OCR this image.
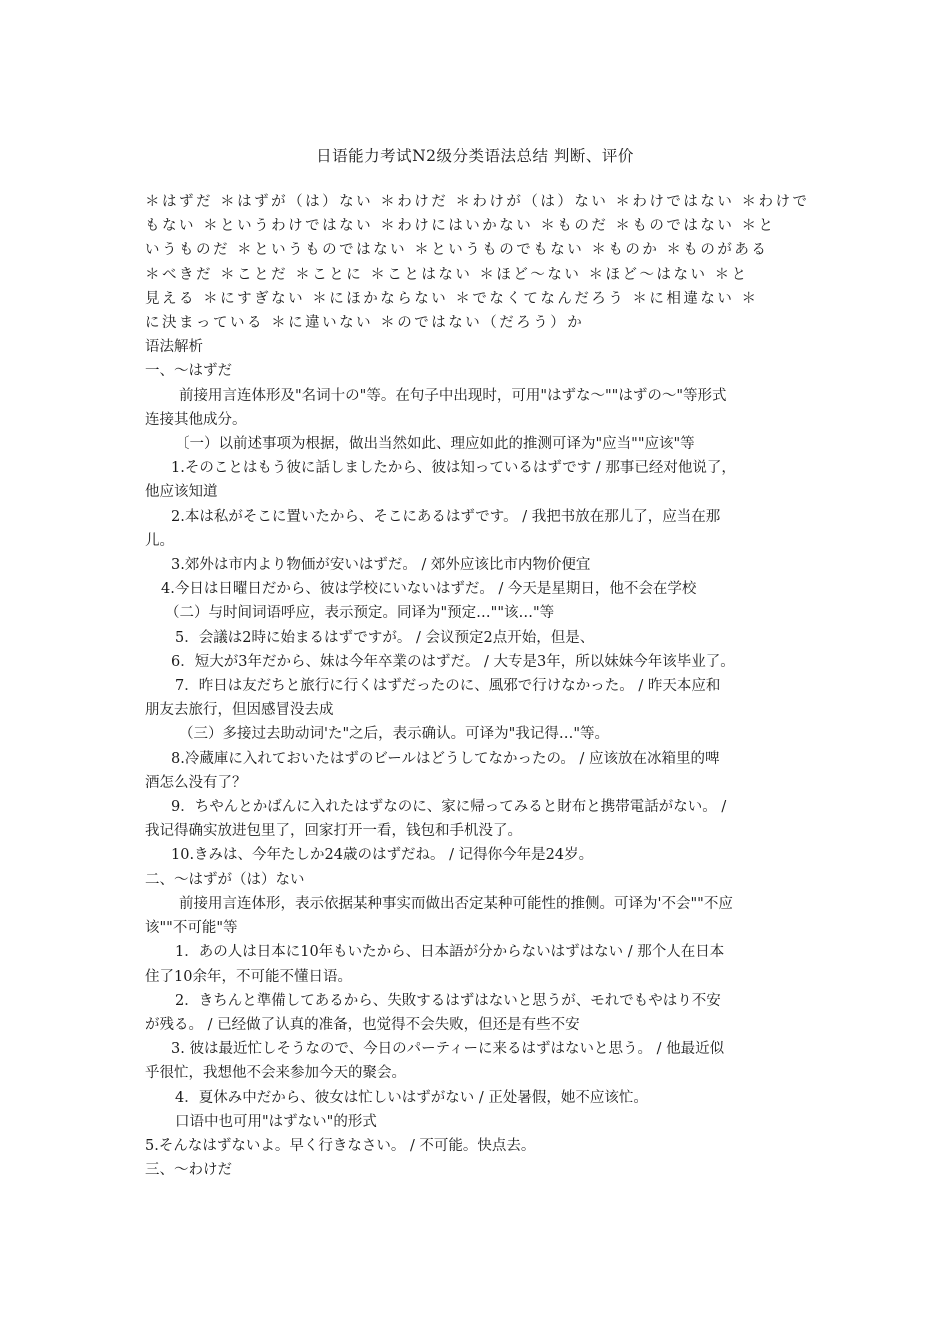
日语能力考试N2级分类语法总结 判断、评价

＊はずだ ＊はずが（は）ない ＊わけだ ＊わけが（は）ない ＊わけではない ＊わけで

もない ＊というわけではない ＊わけにはいかない ＊ものだ ＊ものではない ＊と

いうものだ ＊というものではない ＊というものでもない ＊ものか ＊ものがある

＊べきだ ＊ことだ ＊ことに ＊ことはない ＊ほど～ない ＊ほど～はない ＊と

見える ＊にすぎない ＊にほかならない ＊でなくてなんだろう ＊に相違ない ＊

に決まっている ＊に違いない ＊のではない（だろう）か

语法解析

一、～はずだ

前接用言连体形及"名词十の"等。在句子中出现时，可用"はずな～""はずの～"等形式

连接其他成分。

〔一）以前述事项为根据，做出当然如此、理应如此的推测可译为"应当""应该"等

1.そのことはもう彼に話しましたから、彼は知っているはずです / 那事已经对他说了，

他应该知道

2.本は私がそこに置いたから、そこにあるはずです。 / 我把书放在那儿了，应当在那

儿。

3.郊外は市内より物価が安いはずだ。 / 郊外应该比市内物价便宜

4.今日は日曜日だから、彼は学校にいないはずだ。 / 今天是星期日，他不会在学校

（二）与时间词语呼应，表示预定。同译为"预定…""该…"等

5．会議は2時に始まるはずですが。 / 会议预定2点开始，但是、

6．短大が3年だから、妹は今年卒業のはずだ。 / 大专是3年，所以妹妹今年该毕业了。

7．昨日は友だちと旅行に行くはずだったのに、風邪で行けなかった。 / 昨天本应和

朋友去旅行，但因感冒没去成

（三）多接过去助动词'た"之后，表示确认。可译为"我记得…"等。

8.冷蔵庫に入れておいたはずのビールはどうしてなかったの。 / 应该放在冰箱里的啤

酒怎么没有了？

9．ちやんとかばんに入れたはずなのに、家に帰ってみると財布と携帯電話がない。 /

我记得确实放进包里了，回家打开一看，钱包和手机没了。

10.きみは、今年たしか24歳のはずだね。 / 记得你今年是24岁。

二、～はずが（は）ない

前接用言连体形，表示依据某种事实而做出否定某种可能性的推侧。可译为'不会""不应

该""不可能"等

1．あの人は日本に10年もいたから、日本語が分からないはずはない / 那个人在日本

住了10余年，不可能不懂日语。

2．きちんと準備してあるから、失敗するはずはないと思うが、モれでもやはり不安

が残る。 / 已经做了认真的准备，也觉得不会失败，但还是有些不安

3. 彼は最近忙しそうなので、今日のパーティーに来るはずはないと思う。 / 他最近似

乎很忙，我想他不会来参加今天的聚会。

4．夏休み中だから、彼女は忙しいはずがない / 正处暑假，她不应该忙。

口语中也可用"はずない"的形式

5.そんなはずないよ。早く行きなさい。 / 不可能。快点去。

三、～わけだ
